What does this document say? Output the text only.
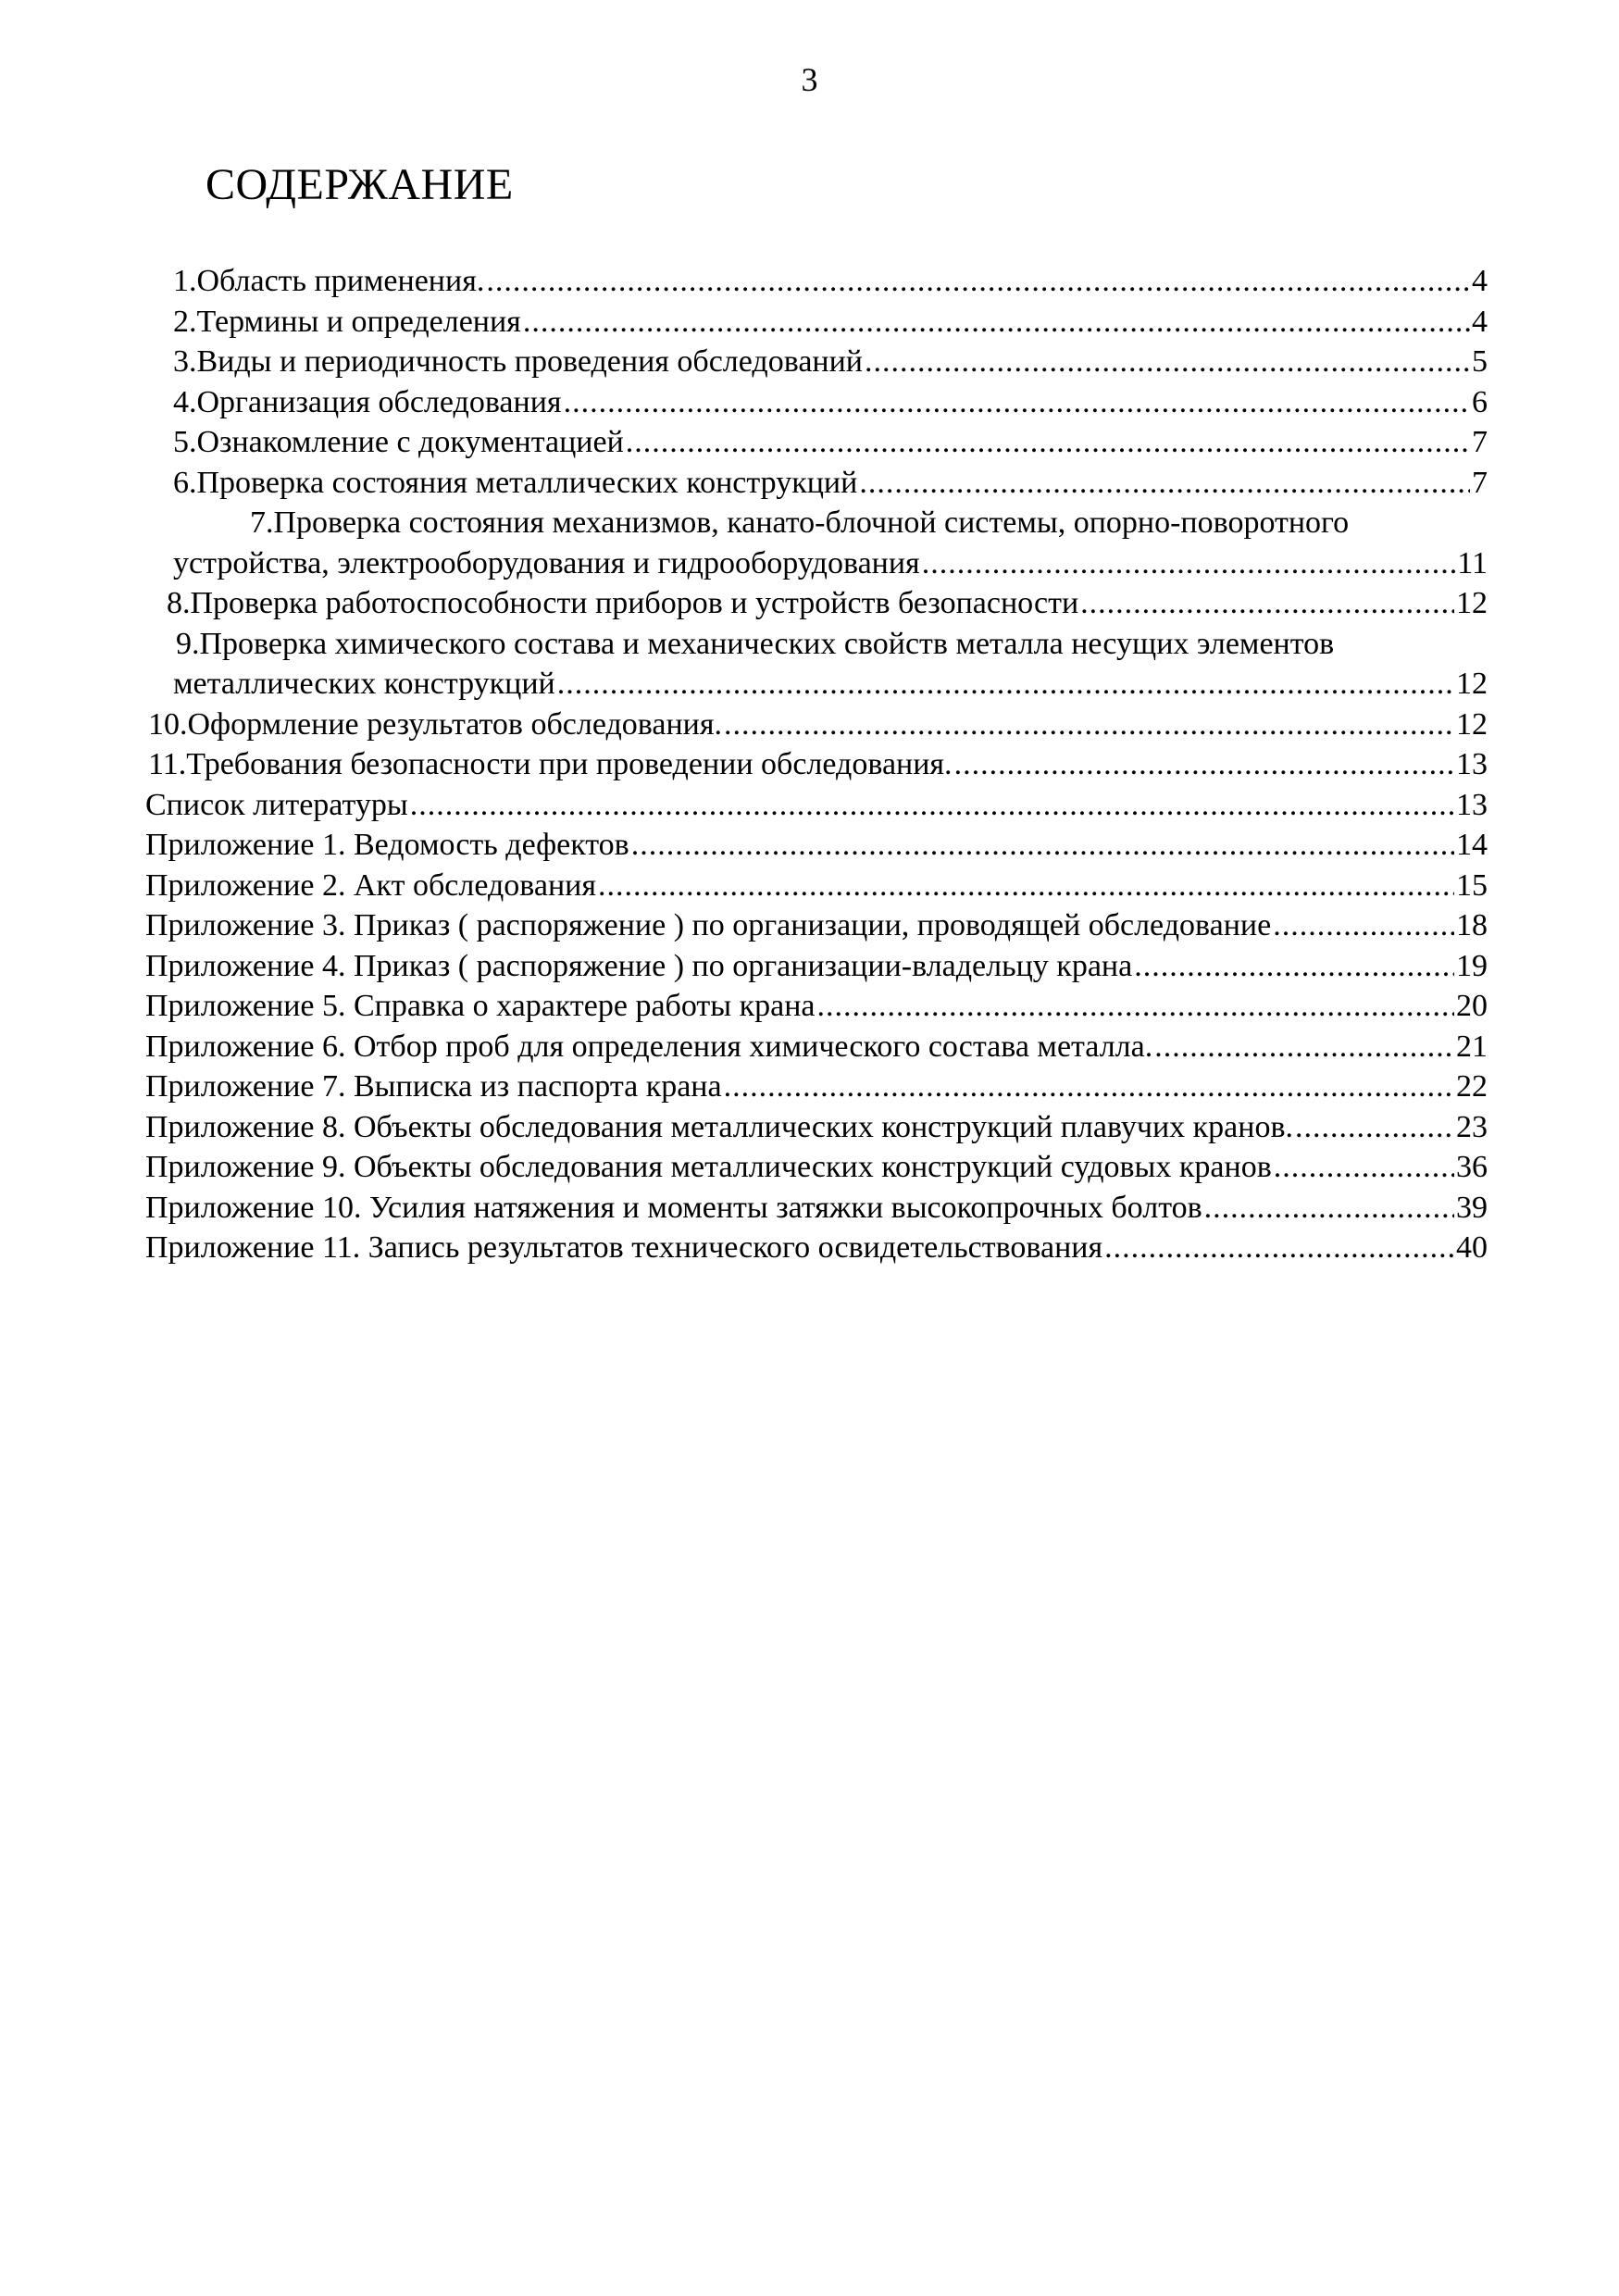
3
СОДЕРЖАНИЕ
1.Область применения. .....	4
2.Термины и определения .....	4
3.Виды и периодичность проведения обследований .....	5
4.Организация обследования .....	6
5.Ознакомление с документацией .....	7
6.Проверка состояния металлических конструкций .....	7
7.Проверка состояния механизмов, канато-блочной системы, опорно-поворотного
устройства, электрооборудования и гидрооборудования .....	11
8.Проверка работоспособности приборов и устройств безопасности .....	12
9.Проверка химического состава и механических свойств металла несущих элементов
металлических конструкций .....	12
10.Оформление результатов обследования. .....	12
11.Требования безопасности при проведении обследования. .....	13
Список литературы .....	13
Приложение 1. Ведомость дефектов .....	14
Приложение 2. Акт обследования .....	15
Приложение 3. Приказ ( распоряжение ) по организации, проводящей обследование .....	18
Приложение 4. Приказ ( распоряжение ) по организации-владельцу крана .....	19
Приложение 5. Справка о характере работы крана .....	20
Приложение 6. Отбор проб для определения химического состава металла. .....	21
Приложение 7. Выписка из паспорта крана .....	22
Приложение 8. Объекты обследования металлических конструкций плавучих кранов. .....	23
Приложение 9. Объекты обследования металлических конструкций судовых кранов .....	36
Приложение 10. Усилия натяжения и моменты затяжки высокопрочных болтов .....	39
Приложение 11. Запись результатов технического освидетельствования .....	40
